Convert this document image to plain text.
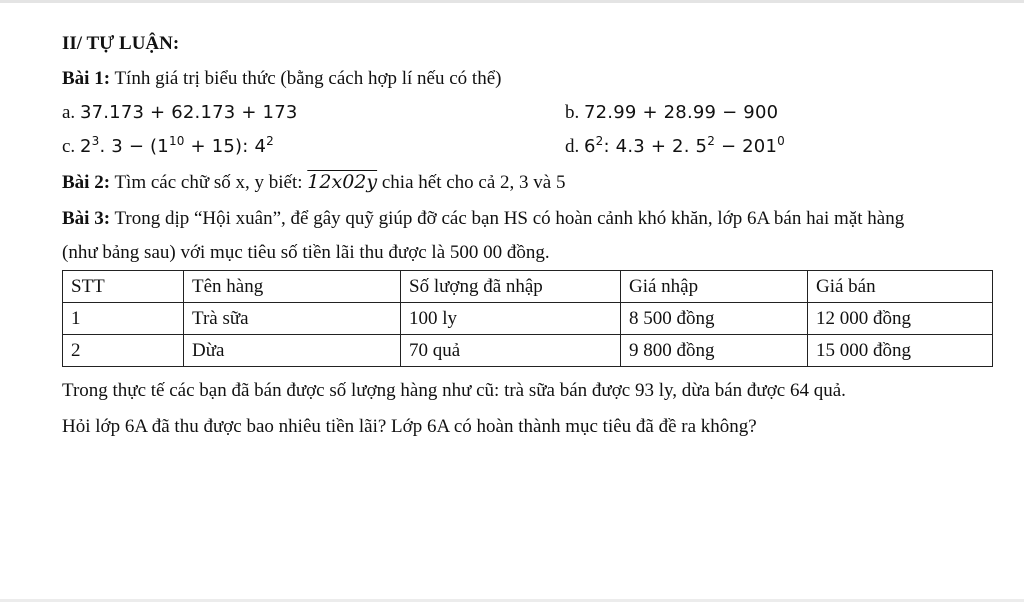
II/ TỰ LUẬN:
Bài 1: Tính giá trị biểu thức (bằng cách hợp lí nếu có thể)
a. 37.173 + 62.173 + 173	b. 72.99 + 28.99 − 900
c. $2^3$. $3 - (1^{10} + 15)$: $4^2$	d. $6^2$: 4.3 + 2. $5^2 - 201^0$
Bài 2: Tìm các chữ số x, y biết: 12x02y chia hết cho cả 2, 3 và 5
Bài 3: Trong dịp “Hội xuân”, để gây quỹ giúp đỡ các bạn HS có hoàn cảnh khó khăn, lớp 6A bán hai mặt hàng
(như bảng sau) với mục tiêu số tiền lãi thu được là 500 00 đồng.
STT	Tên hàng	Số lượng đã nhập	Giá nhập	Giá bán
1	Trà sữa	100 ly	8 500 đồng	12 000 đồng
2	Dừa	70 quả	9 800 đồng	15 000 đồng
Trong thực tế các bạn đã bán được số lượng hàng như cũ: trà sữa bán được 93 ly, dừa bán được 64 quả.
Hỏi lớp 6A đã thu được bao nhiêu tiền lãi? Lớp 6A có hoàn thành mục tiêu đã đề ra không?
